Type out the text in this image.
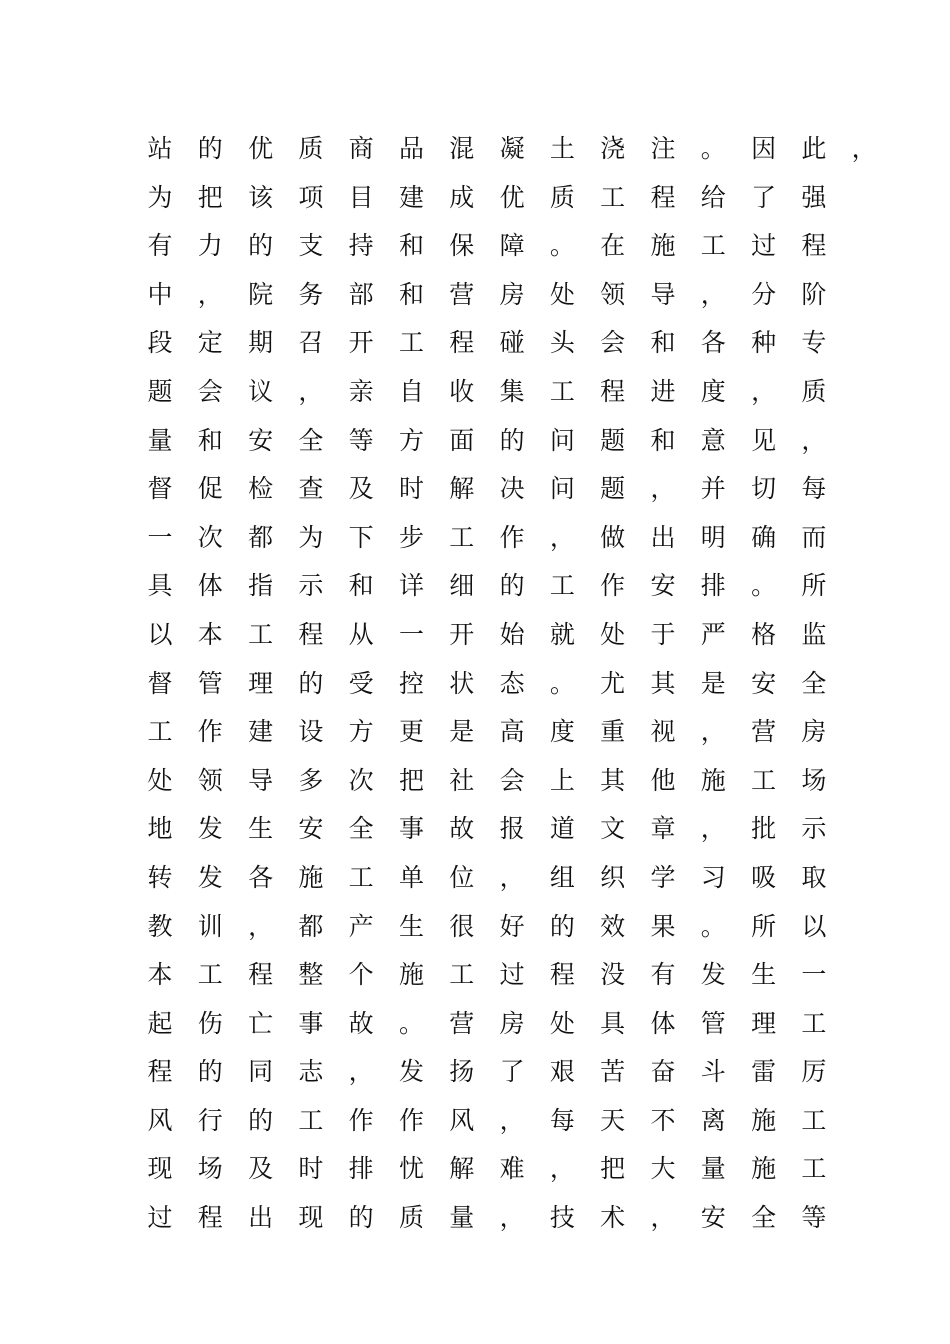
站	的	优	质	商	品	混	凝	土	浇	注	。	因	此	，
为	把	该	项	目	建	成	优	质	工	程	给	了	强
有	力	的	支	持	和	保	障	。	在	施	工	过	程
中	，	院	务	部	和	营	房	处	领	导	，	分	阶
段	定	期	召	开	工	程	碰	头	会	和	各	种	专
题	会	议	，	亲	自	收	集	工	程	进	度	，	质
量	和	安	全	等	方	面	的	问	题	和	意	见	，
督	促	检	查	及	时	解	决	问	题	，	并	切	每
一	次	都	为	下	步	工	作	，	做	出	明	确	而
具	体	指	示	和	详	细	的	工	作	安	排	。	所
以	本	工	程	从	一	开	始	就	处	于	严	格	监
督	管	理	的	受	控	状	态	。	尤	其	是	安	全
工	作	建	设	方	更	是	高	度	重	视	，	营	房
处	领	导	多	次	把	社	会	上	其	他	施	工	场
地	发	生	安	全	事	故	报	道	文	章	，	批	示
转	发	各	施	工	单	位	，	组	织	学	习	吸	取
教	训	，	都	产	生	很	好	的	效	果	。	所	以
本	工	程	整	个	施	工	过	程	没	有	发	生	一
起	伤	亡	事	故	。	营	房	处	具	体	管	理	工
程	的	同	志	，	发	扬	了	艰	苦	奋	斗	雷	厉
风	行	的	工	作	作	风	，	每	天	不	离	施	工
现	场	及	时	排	忧	解	难	，	把	大	量	施	工
过	程	出	现	的	质	量	，	技	术	，	安	全	等
